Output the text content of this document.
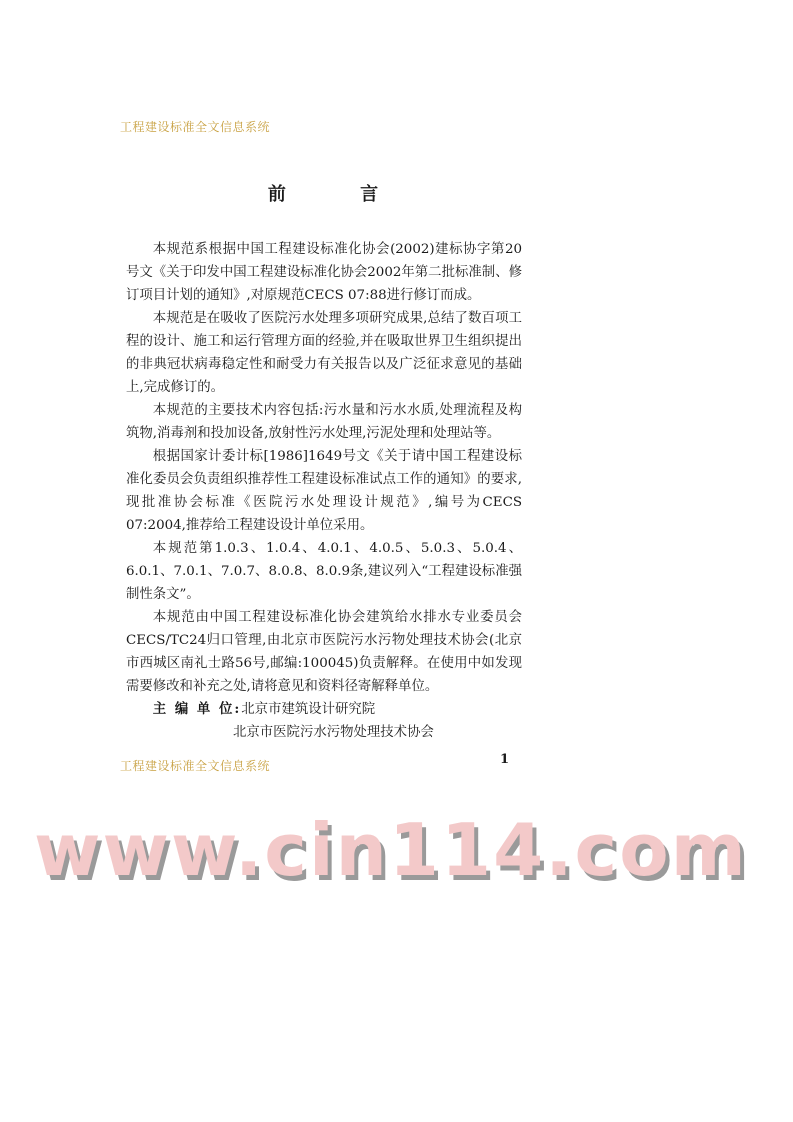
工程建设标准全文信息系统
前 言

本规范系根据中国工程建设标准化协会(2002)建标协字第20号文《关于印发中国工程建设标准化协会2002年第二批标准制、修订项目计划的通知》,对原规范CECS 07:88进行修订而成。

本规范是在吸收了医院污水处理多项研究成果,总结了数百项工程的设计、施工和运行管理方面的经验,并在吸取世界卫生组织提出的非典冠状病毒稳定性和耐受力有关报告以及广泛征求意见的基础上,完成修订的。

本规范的主要技术内容包括:污水量和污水水质,处理流程及构筑物,消毒剂和投加设备,放射性污水处理,污泥处理和处理站等。

根据国家计委计标[1986]1649号文《关于请中国工程建设标准化委员会负责组织推荐性工程建设标准试点工作的通知》的要求,现批准协会标准《医院污水处理设计规范》,编号为CECS 07:2004,推荐给工程建设设计单位采用。

本规范第1.0.3、1.0.4、4.0.1、4.0.5、5.0.3、5.0.4、6.0.1、7.0.1、7.0.7、8.0.8、8.0.9条,建议列入“工程建设标准强制性条文”。

本规范由中国工程建设标准化协会建筑给水排水专业委员会CECS/TC24归口管理,由北京市医院污水污物处理技术协会(北京市西城区南礼士路56号,邮编:100045)负责解释。在使用中如发现需要修改和补充之处,请将意见和资料径寄解释单位。

主 编 单 位:北京市建筑设计研究院
北京市医院污水污物处理技术协会
工程建设标准全文信息系统	1
www.cin114.com
